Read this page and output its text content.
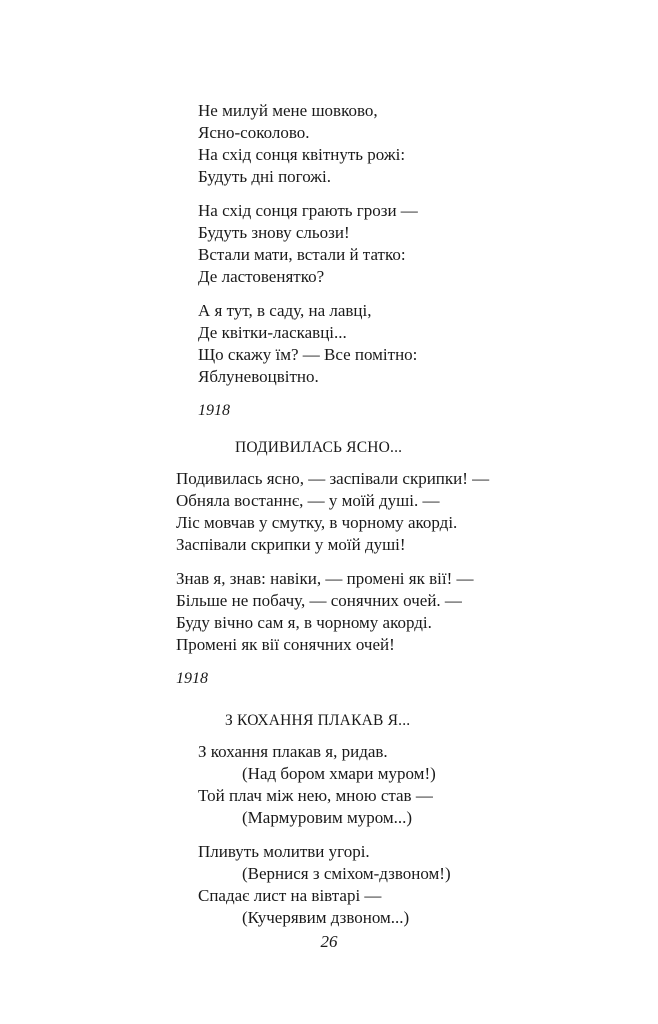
Не милуй мене шовково,
Ясно-соколово.
На схід сонця квітнуть рожі:
Будуть дні погожі.
На схід сонця грають грози —
Будуть знову сльози!
Встали мати, встали й татко:
Де ластовенятко?
А я тут, в саду, на лавці,
Де квітки-ласкавці...
Що скажу їм? — Все помітно:
Яблуневоцвітно.
1918
ПОДИВИЛАСЬ ЯСНО...
Подивилась ясно, — заспівали скрипки! —
Обняла востаннє, — у моїй душі. —
Ліс мовчав у смутку, в чорному акорді.
Заспівали скрипки у моїй душі!
Знав я, знав: навіки, — промені як вії! —
Більше не побачу, — сонячних очей. —
Буду вічно сам я, в чорному акорді.
Промені як вії сонячних очей!
1918
З КОХАННЯ ПЛАКАВ Я...
З кохання плакав я, ридав.
(Над бором хмари муром!)
Той плач між нею, мною став —
(Мармуровим муром...)
Пливуть молитви угорі.
(Вернися з сміхом-дзвоном!)
Спадає лист на вівтарі —
(Кучерявим дзвоном...)
26
